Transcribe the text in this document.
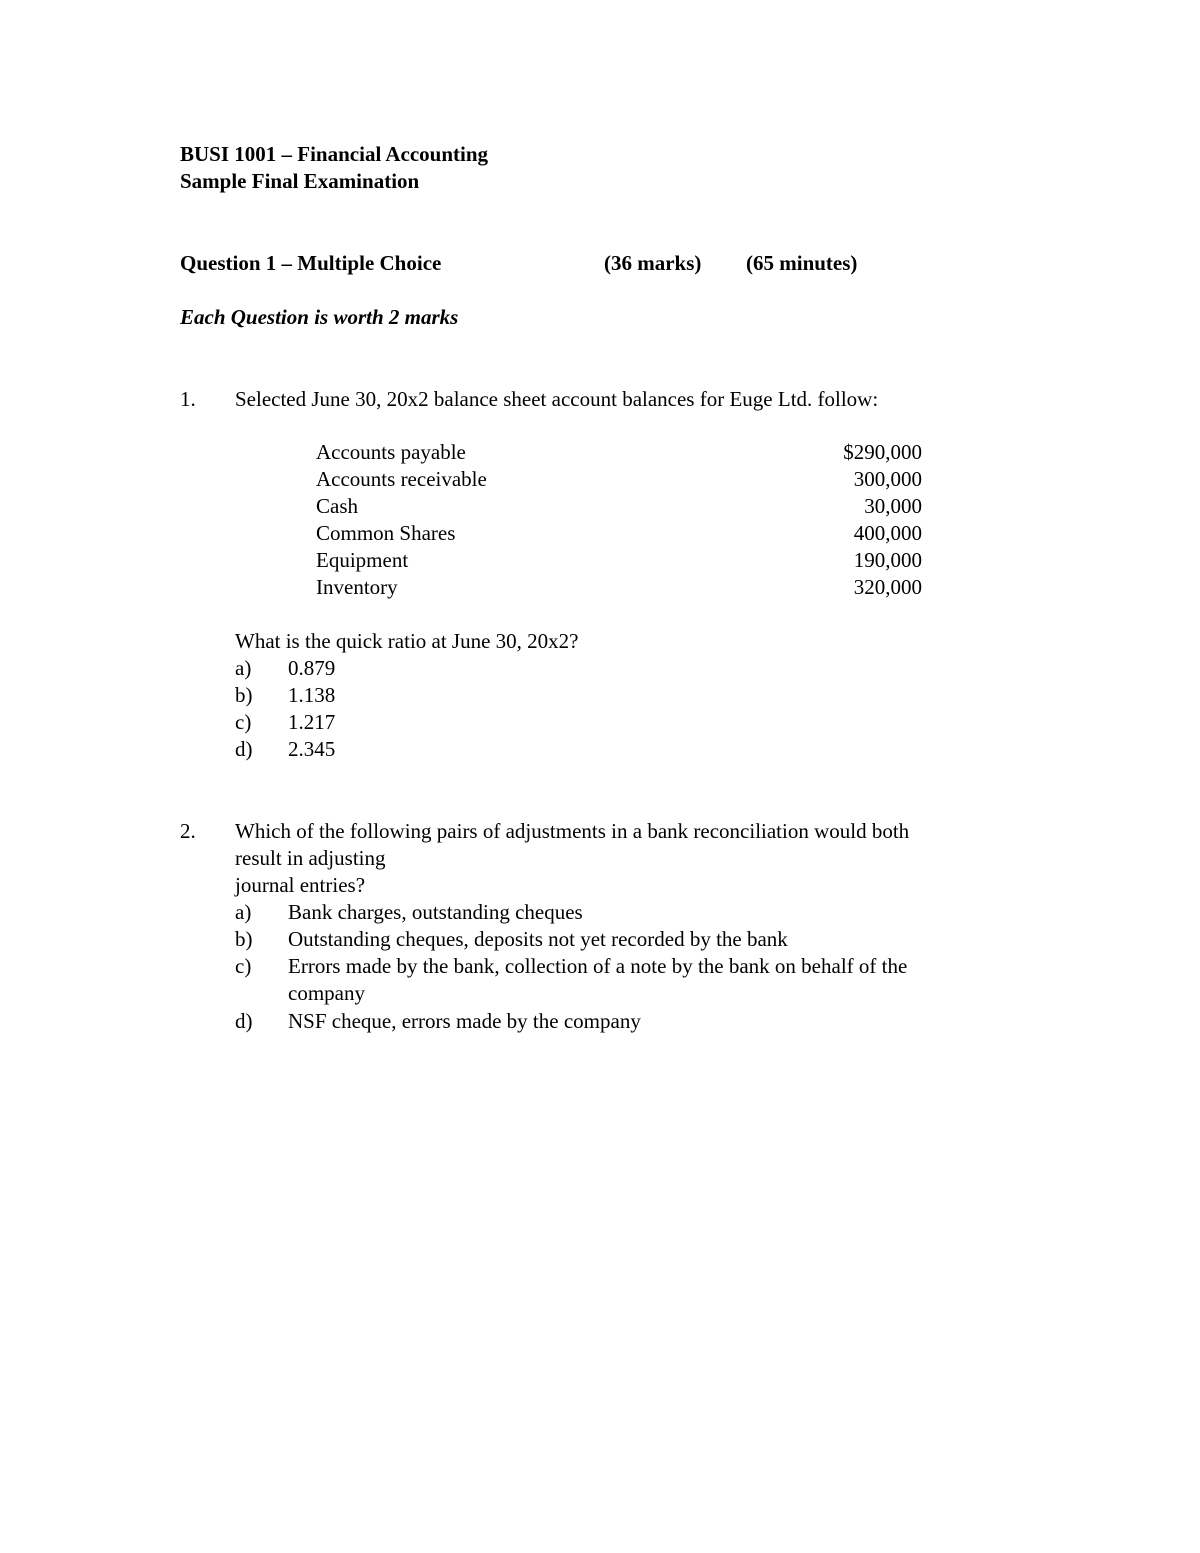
BUSI 1001 – Financial Accounting
Sample Final Examination
Question 1 – Multiple Choice	(36 marks) (65 minutes)
Each Question is worth 2 marks
1. Selected June 30, 20x2 balance sheet account balances for Euge Ltd. follow:
Accounts payable	$290,000
Accounts receivable	300,000
Cash	30,000
Common Shares	400,000
Equipment	190,000
Inventory	320,000
What is the quick ratio at June 30, 20x2?
a) 0.879
b) 1.138
c) 1.217
d) 2.345
2. Which of the following pairs of adjustments in a bank reconciliation would both
result in adjusting
journal entries?
a) Bank charges, outstanding cheques
b) Outstanding cheques, deposits not yet recorded by the bank
c) Errors made by the bank, collection of a note by the bank on behalf of the company
d) NSF cheque, errors made by the company
